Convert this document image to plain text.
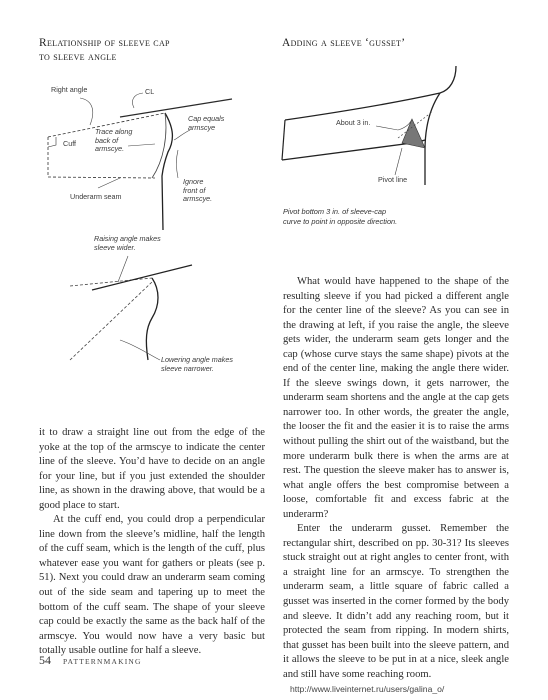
Relationship of sleeve cap
to sleeve angle
Adding a sleeve ‘gusset’
Right angle	CL
Cap equals
armscye
Trace along
back of
armscye.
Cuff
Underarm seam
Ignore
front of
armscye.
Raising angle makes
sleeve wider.
Lowering angle makes
sleeve narrower.
About 3 in.
Pivot line
Pivot bottom 3 in. of sleeve-cap
curve to point in opposite direction.

it to draw a straight line out from the edge of the yoke at the top of the armscye to indicate the center line of the sleeve. You’d have to decide on an angle for your line, but if you just extended the shoulder line, as shown in the drawing above, that would be a good place to start.

At the cuff end, you could drop a perpendicular line down from the sleeve’s midline, half the length of the cuff seam, which is the length of the cuff, plus whatever ease you want for gathers or pleats (see p. 51). Next you could draw an underarm seam coming out of the side seam and tapering up to meet the bottom of the cuff seam. The shape of your sleeve cap could be exactly the same as the back half of the armscye. You would now have a very basic but totally usable outline for half a sleeve.

What would have happened to the shape of the resulting sleeve if you had picked a different angle for the center line of the sleeve? As you can see in the drawing at left, if you raise the angle, the sleeve gets wider, the underarm seam gets longer and the cap (whose curve stays the same shape) pivots at the end of the center line, making the angle there wider. If the sleeve swings down, it gets narrower, the underarm seam shortens and the angle at the cap gets narrower too. In other words, the greater the angle, the looser the fit and the easier it is to raise the arms without pulling the shirt out of the waistband, but the more underarm bulk there is when the arms are at rest. The question the sleeve maker has to answer is, what angle offers the best compromise between a loose, comfortable fit and excess fabric at the underarm?

Enter the underarm gusset. Remember the rectangular shirt, described on pp. 30-31? Its sleeves stuck straight out at right angles to center front, with a straight line for an armscye. To strengthen the underarm seam, a little square of fabric called a gusset was inserted in the corner formed by the body and sleeve. It didn’t add any reaching room, but it protected the seam from ripping. In modern shirts, that gusset has been built into the sleeve pattern, and it allows the sleeve to be put in at a nice, sleek angle and still have some reaching room.

54 PATTERNMAKING
http://www.liveinternet.ru/users/galina_o/
